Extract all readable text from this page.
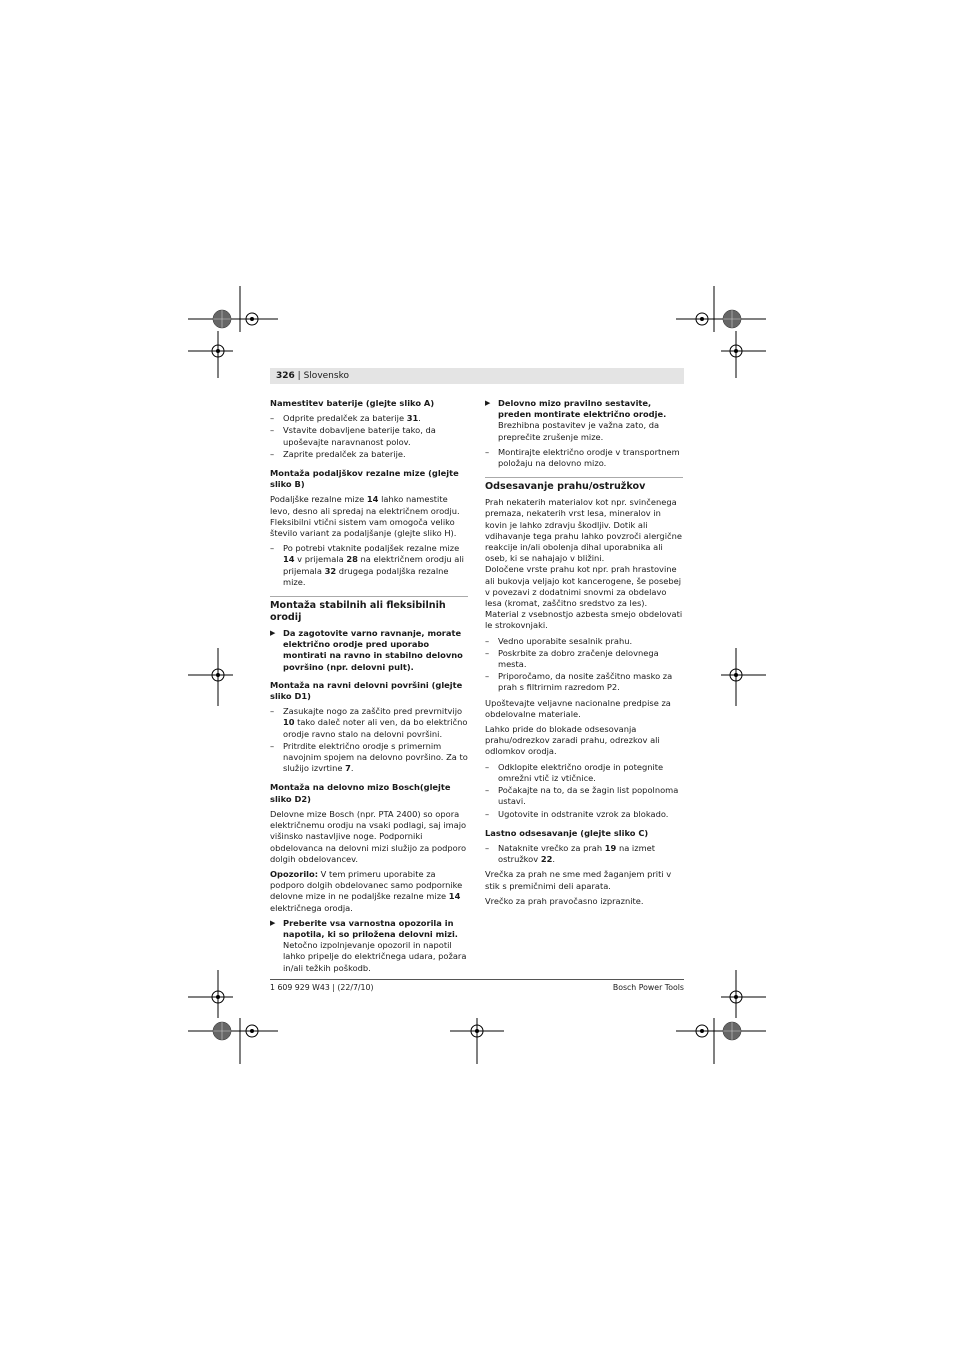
326 | Slovensko
Namestitev baterije (glejte sliko A)
– Odprite predalček za baterije 31.
– Vstavite dobavljene baterije tako, da upoševajte naravnanost polov.
– Zaprite predalček za baterije.
Montaža podaljškov rezalne mize (glejte sliko B)

Podaljške rezalne mize 14 lahko namestite levo, desno ali spredaj na električnem orodju. Fleksibilni vtični sistem vam omogoča veliko število variant za podaljšanje (glejte sliko H).

– Po potrebi vtaknite podaljšek rezalne mize 14 v prijemala 28 na električnem orodju ali prijemala 32 drugega podaljška rezalne mize.
Montaža stabilnih ali fleksibilnih orodij
▶ Da zagotovite varno ravnanje, morate električno orodje pred uporabo montirati na ravno in stabilno delovno površino (npr. delovni pult).
Montaža na ravni delovni površini (glejte sliko D1)
– Zasukajte nogo za zaščito pred prevrnitvijo 10 tako daleč noter ali ven, da bo električno orodje ravno stalo na delovni površini.
– Pritrdite električno orodje s primernim navojnim spojem na delovno površino. Za to služijo izvrtine 7.
Montaža na delovno mizo Bosch(glejte sliko D2)

Delovne mize Bosch (npr. PTA 2400) so opora električnemu orodju na vsaki podlagi, saj imajo višinsko nastavljive noge. Podporniki obdelovanca na delovni mizi služijo za podporo dolgih obdelovancev.

Opozorilo: V tem primeru uporabite za podporo dolgih obdelovanec samo podpornike delovne mize in ne podaljške rezalne mize 14 električnega orodja.

▶ Preberite vsa varnostna opozorila in napotila, ki so priložena delovni mizi. Netočno izpolnjevanje opozoril in napotil lahko pripelje do električnega udara, požara in/ali težkih poškodb.
▶ Delovno mizo pravilno sestavite, preden montirate električno orodje. Brezhibna postavitev je važna zato, da preprečite zrušenje mize.
– Montirajte električno orodje v transportnem položaju na delovno mizo.
Odsesavanje prahu/ostružkov

Prah nekaterih materialov kot npr. svinčenega premaza, nekaterih vrst lesa, mineralov in kovin je lahko zdravju škodljiv. Dotik ali vdihavanje tega prahu lahko povzroči alergične reakcije in/ali obolenja dihal uporabnika ali oseb, ki se nahajajo v bližini.

Določene vrste prahu kot npr. prah hrastovine ali bukovja veljajo kot kancerogene, še posebej v povezavi z dodatnimi snovmi za obdelavo lesa (kromat, zaščitno sredstvo za les). Material z vsebnostjo azbesta smejo obdelovati le strokovnjaki.

– Vedno uporabite sesalnik prahu.
– Poskrbite za dobro zračenje delovnega mesta.
– Priporočamo, da nosite zaščitno masko za prah s filtrirnim razredom P2.

Upoštevajte veljavne nacionalne predpise za obdelovalne materiale.

Lahko pride do blokade odsesovanja prahu/odrezkov zaradi prahu, odrezkov ali odlomkov orodja.

– Odklopite električno orodje in potegnite omrežni vtič iz vtičnice.
– Počakajte na to, da se žagin list popolnoma ustavi.
– Ugotovite in odstranite vzrok za blokado.
Lastno odsesavanje (glejte sliko C)
– Nataknite vrečko za prah 19 na izmet ostružkov 22.

Vrečka za prah ne sme med žaganjem priti v stik s premičnimi deli aparata.

Vrečko za prah pravočasno izpraznite.

1 609 929 W43 | (22/7/10)	Bosch Power Tools
